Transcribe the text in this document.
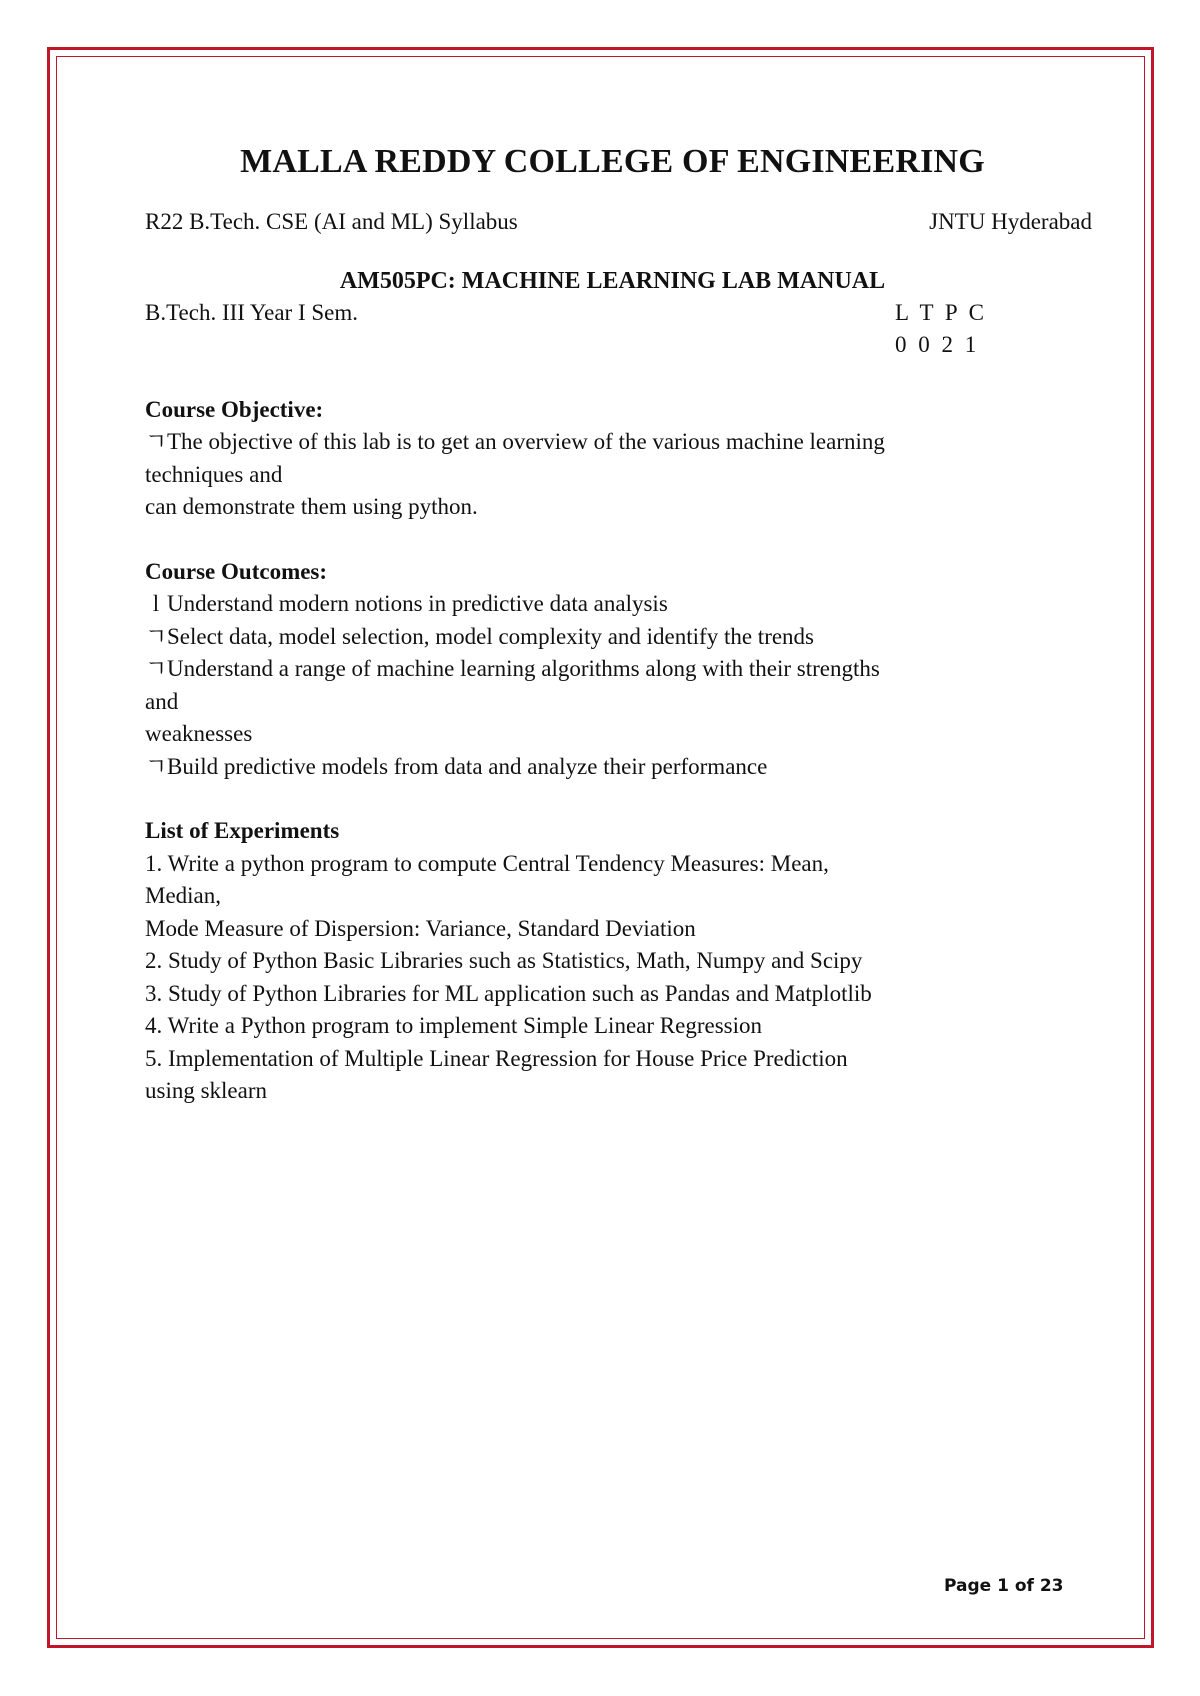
MALLA REDDY COLLEGE OF ENGINEERING
R22 B.Tech. CSE (AI and ML) Syllabus	JNTU Hyderabad
AM505PC: MACHINE LEARNING LAB MANUAL
B.Tech. III Year I Sem.	L T P C
0 0 2 1
Course Objective:
ㄱThe objective of this lab is to get an overview of the various machine learning
techniques and
can demonstrate them using python.
Course Outcomes:
l Understand modern notions in predictive data analysis
ㄱSelect data, model selection, model complexity and identify the trends
ㄱUnderstand a range of machine learning algorithms along with their strengths
and
weaknesses
ㄱBuild predictive models from data and analyze their performance
List of Experiments
1. Write a python program to compute Central Tendency Measures: Mean,
Median,
Mode Measure of Dispersion: Variance, Standard Deviation
2. Study of Python Basic Libraries such as Statistics, Math, Numpy and Scipy
3. Study of Python Libraries for ML application such as Pandas and Matplotlib
4. Write a Python program to implement Simple Linear Regression
5. Implementation of Multiple Linear Regression for House Price Prediction
using sklearn
Page 1 of 23
